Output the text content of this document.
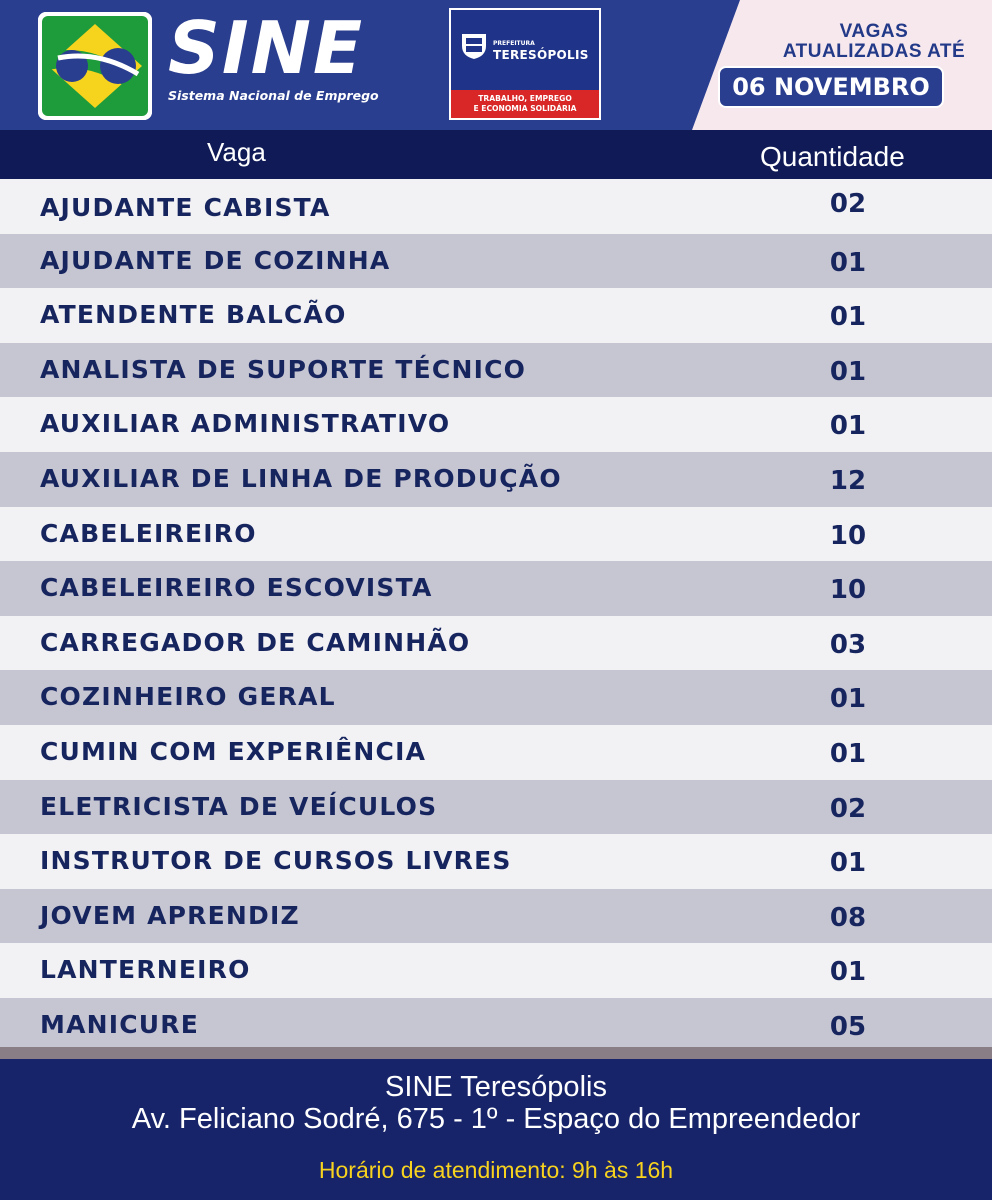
SINE
Sistema Nacional de Emprego
PREFEITURA
TERESÓPOLIS
TRABALHO, EMPREGO
E ECONOMIA SOLIDÁRIA
VAGAS
ATUALIZADAS ATÉ
06 NOVEMBRO
Vaga	Quantidade
AJUDANTE CABISTA	02
AJUDANTE DE COZINHA	01
ATENDENTE BALCÃO	01
ANALISTA DE SUPORTE TÉCNICO	01
AUXILIAR ADMINISTRATIVO	01
AUXILIAR DE LINHA DE PRODUÇÃO	12
CABELEIREIRO	10
CABELEIREIRO ESCOVISTA	10
CARREGADOR DE CAMINHÃO	03
COZINHEIRO GERAL	01
CUMIN COM EXPERIÊNCIA	01
ELETRICISTA DE VEÍCULOS	02
INSTRUTOR DE CURSOS LIVRES	01
JOVEM APRENDIZ	08
LANTERNEIRO	01
MANICURE	05
SINE Teresópolis
Av. Feliciano Sodré, 675 - 1º - Espaço do Empreendedor
Horário de atendimento: 9h às 16h
